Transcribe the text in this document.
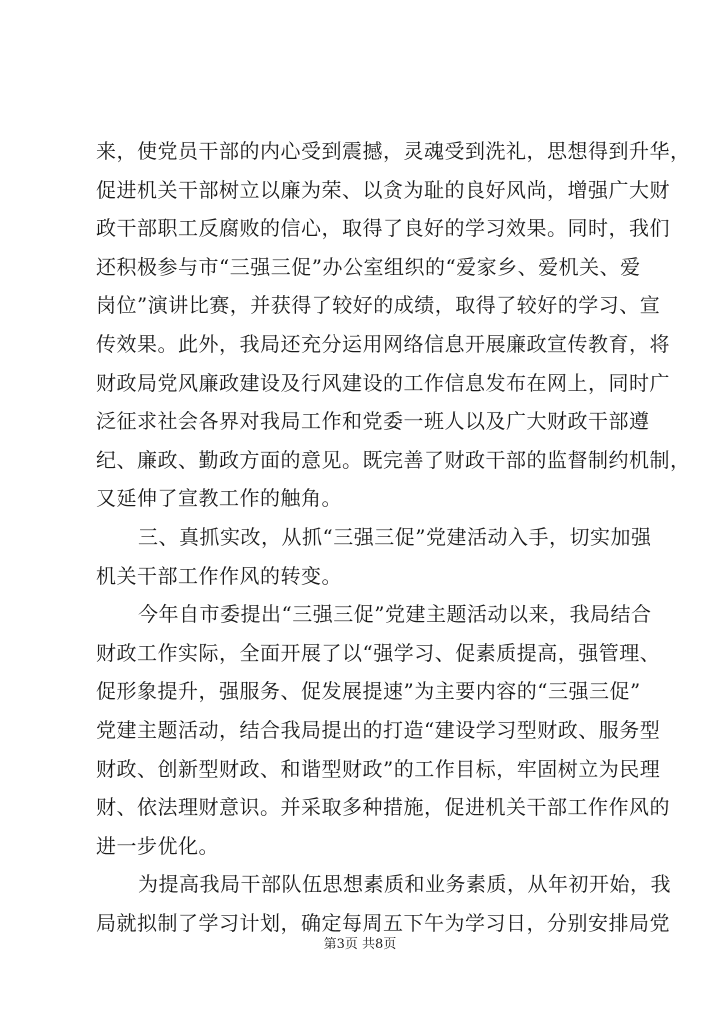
来，使党员干部的内心受到震撼，灵魂受到洗礼，思想得到升华，
促进机关干部树立以廉为荣、以贪为耻的良好风尚，增强广大财
政干部职工反腐败的信心，取得了良好的学习效果。同时，我们
还积极参与市“三强三促”办公室组织的“爱家乡、爱机关、爱
岗位”演讲比赛，并获得了较好的成绩，取得了较好的学习、宣
传效果。此外，我局还充分运用网络信息开展廉政宣传教育，将
财政局党风廉政建设及行风建设的工作信息发布在网上，同时广
泛征求社会各界对我局工作和党委一班人以及广大财政干部遵
纪、廉政、勤政方面的意见。既完善了财政干部的监督制约机制，
又延伸了宣教工作的触角。
三、真抓实改，从抓“三强三促”党建活动入手，切实加强
机关干部工作作风的转变。
今年自市委提出“三强三促”党建主题活动以来，我局结合
财政工作实际，全面开展了以“强学习、促素质提高，强管理、
促形象提升，强服务、促发展提速”为主要内容的“三强三促”
党建主题活动，结合我局提出的打造“建设学习型财政、服务型
财政、创新型财政、和谐型财政”的工作目标，牢固树立为民理
财、依法理财意识。并采取多种措施，促进机关干部工作作风的
进一步优化。
为提高我局干部队伍思想素质和业务素质，从年初开始，我
局就拟制了学习计划，确定每周五下午为学习日，分别安排局党
第3页 共8页
